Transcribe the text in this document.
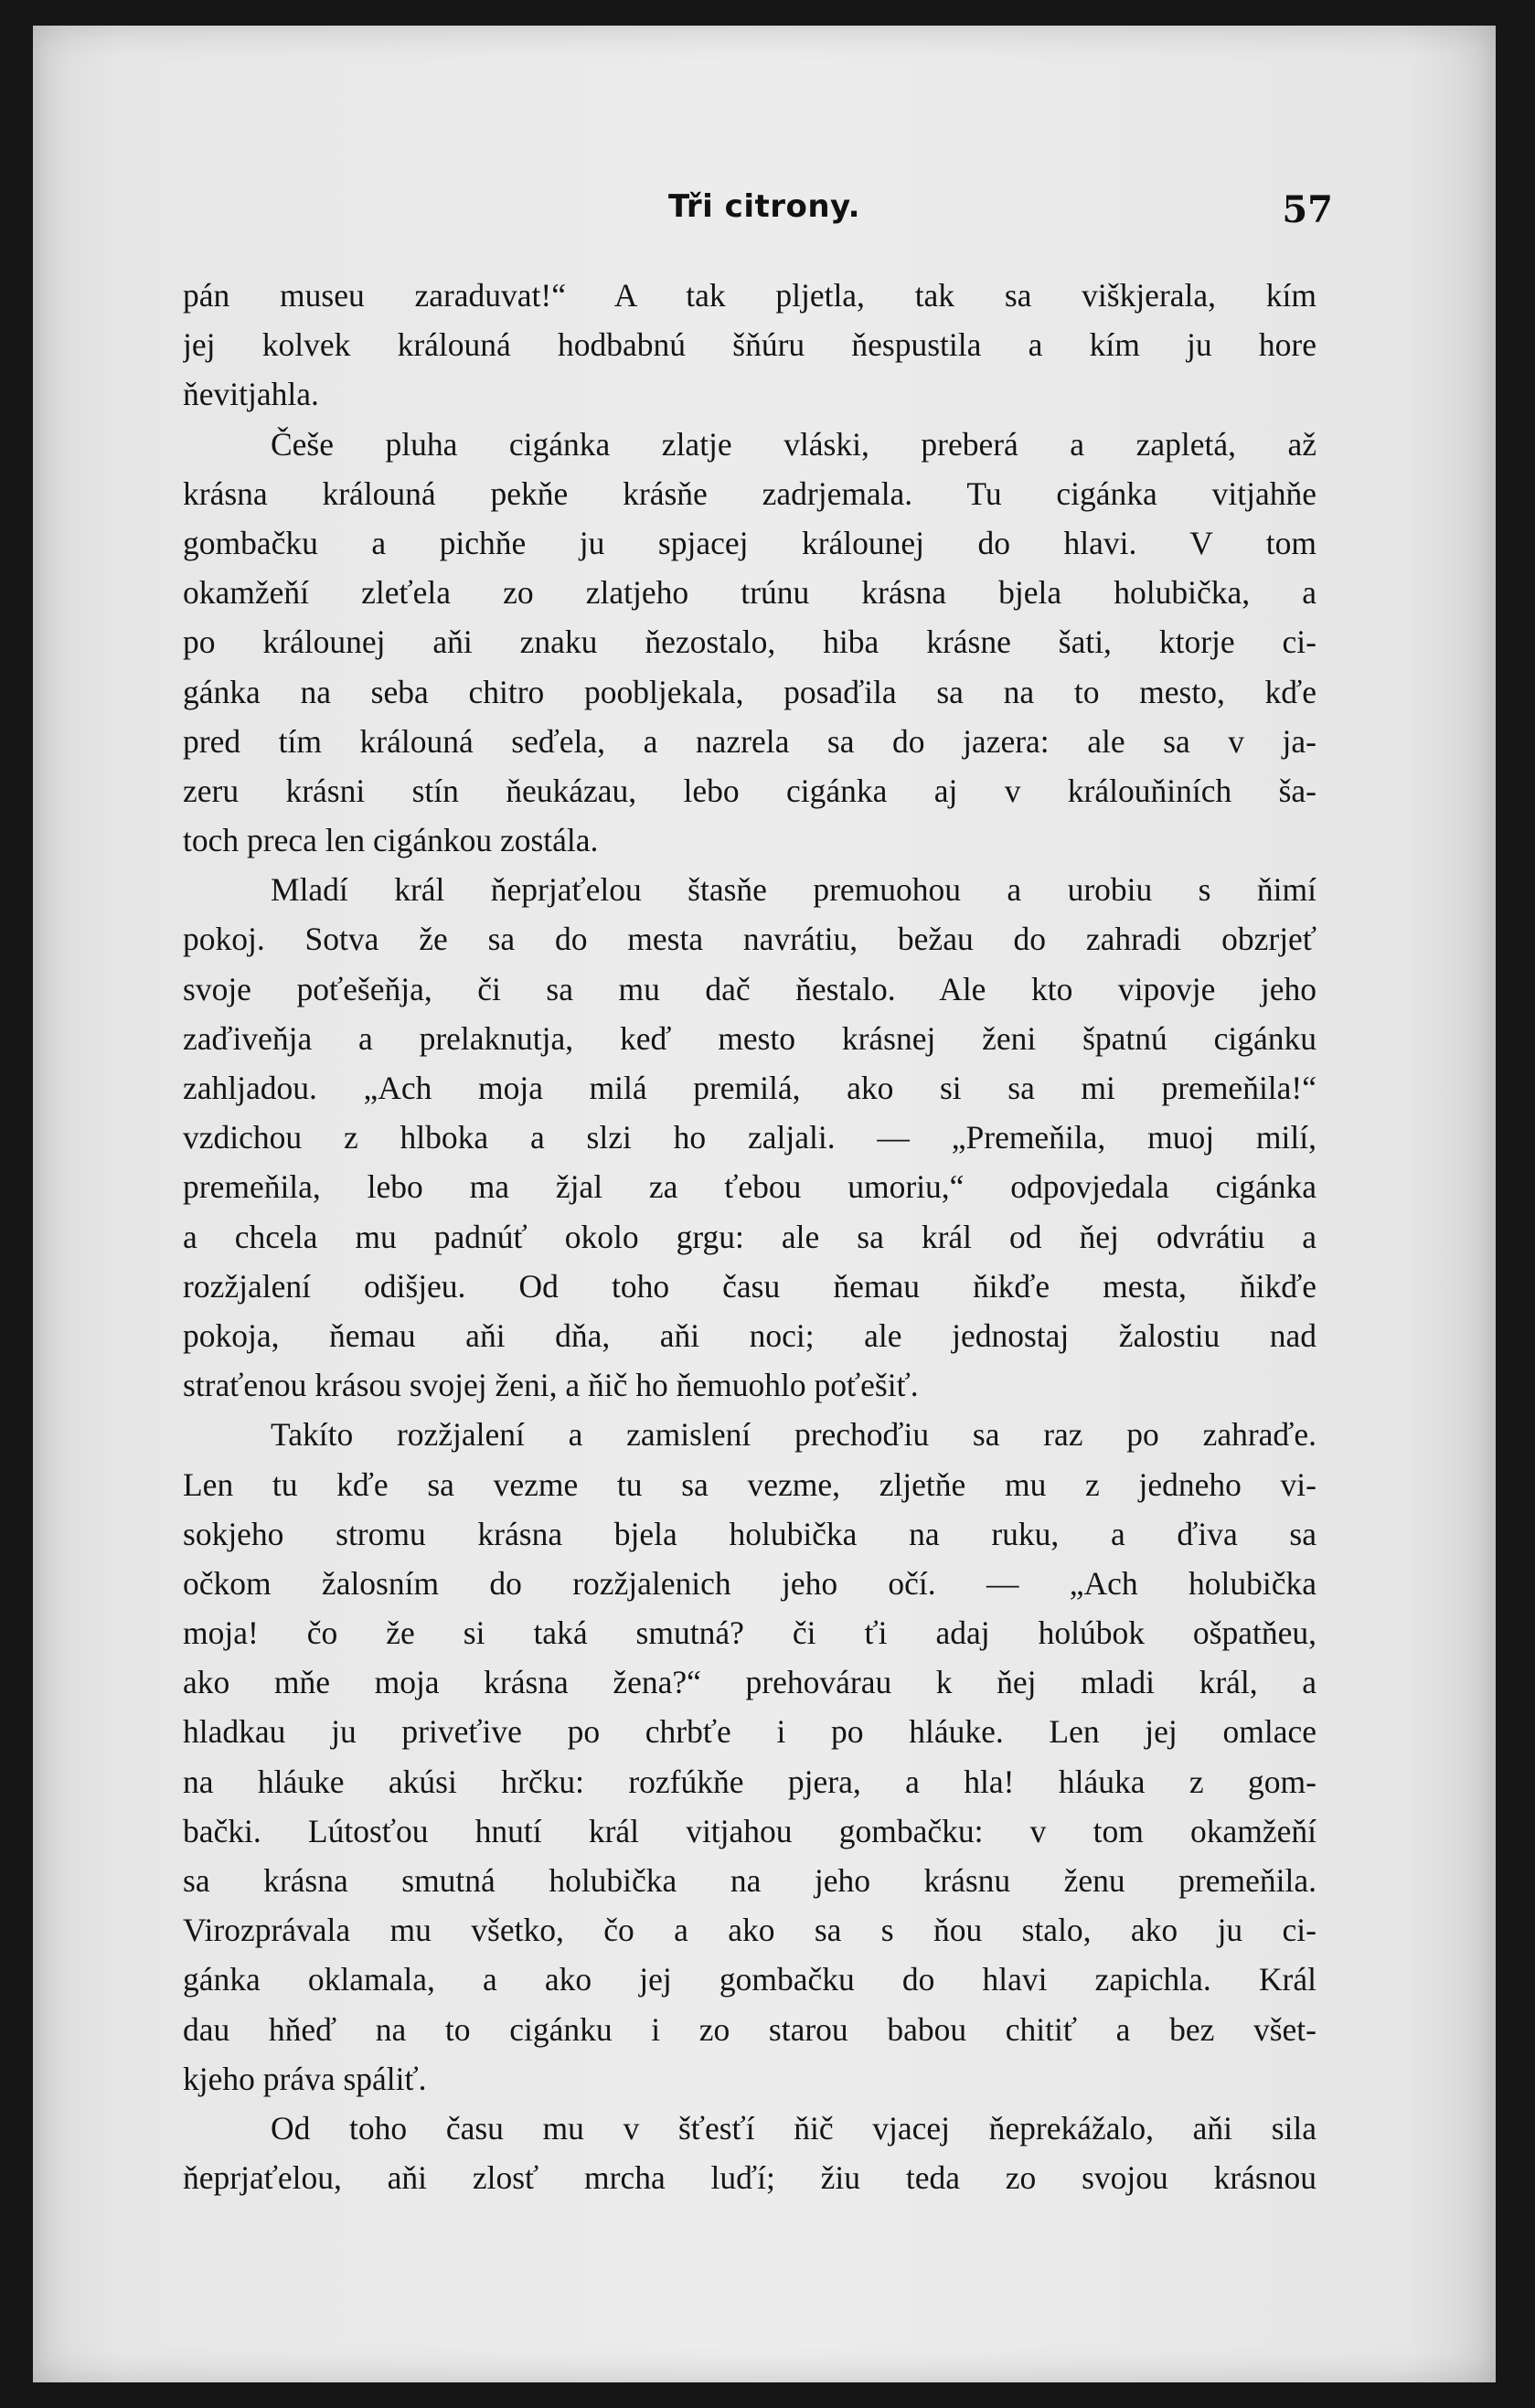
Tři citrony.	57
pán museu zaraduvat!“ A tak pljetla, tak sa viškjerala, kím
jej kolvek králouná hodbabnú šňúru ňespustila a kím ju hore
ňevitjahla.
Češe pluha cigánka zlatje vláski, preberá a zapletá, až
krásna králouná pekňe krásňe zadrjemala. Tu cigánka vitjahňe
gombačku a pichňe ju spjacej králounej do hlavi. V tom
okamžeňí zleťela zo zlatjeho trúnu krásna bjela holubička, a
po králounej aňi znaku ňezostalo, hiba krásne šati, ktorje ci-
gánka na seba chitro poobljekala, posaďila sa na to mesto, kďe
pred tím králouná seďela, a nazrela sa do jazera: ale sa v ja-
zeru krásni stín ňeukázau, lebo cigánka aj v králouňiních ša-
toch preca len cigánkou zostála.
Mladí král ňeprjaťelou štasňe premuohou a urobiu s ňimí
pokoj. Sotva že sa do mesta navrátiu, bežau do zahradi obzrjeť
svoje poťešeňja, či sa mu dač ňestalo. Ale kto vipovje jeho
zaďiveňja a prelaknutja, keď mesto krásnej ženi špatnú cigánku
zahljadou. „Ach moja milá premilá, ako si sa mi premeňila!“
vzdichou z hlboka a slzi ho zaljali. — „Premeňila, muoj milí,
premeňila, lebo ma žjal za ťebou umoriu,“ odpovjedala cigánka
a chcela mu padnúť okolo grgu: ale sa král od ňej odvrátiu a
rozžjalení odišjeu. Od toho času ňemau ňikďe mesta, ňikďe
pokoja, ňemau aňi dňa, aňi noci; ale jednostaj žalostiu nad
straťenou krásou svojej ženi, a ňič ho ňemuohlo poťešiť.
Takíto rozžjalení a zamislení prechoďiu sa raz po zahraďe.
Len tu kďe sa vezme tu sa vezme, zljetňe mu z jedneho vi-
sokjeho stromu krásna bjela holubička na ruku, a ďiva sa
očkom žalosním do rozžjalenich jeho očí. — „Ach holubička
moja! čo že si taká smutná? či ťi adaj holúbok ošpatňeu,
ako mňe moja krásna žena?“ prehovárau k ňej mladi král, a
hladkau ju priveťive po chrbťe i po hláuke. Len jej omlace
na hláuke akúsi hrčku: rozfúkňe pjera, a hla! hláuka z gom-
bački. Lútosťou hnutí král vitjahou gombačku: v tom okamžeňí
sa krásna smutná holubička na jeho krásnu ženu premeňila.
Virozprávala mu všetko, čo a ako sa s ňou stalo, ako ju ci-
gánka oklamala, a ako jej gombačku do hlavi zapichla. Král
dau hňeď na to cigánku i zo starou babou chitiť a bez všet-
kjeho práva spáliť.
Od toho času mu v šťesťí ňič vjacej ňeprekážalo, aňi sila
ňeprjaťelou, aňi zlosť mrcha luďí; žiu teda zo svojou krásnou
